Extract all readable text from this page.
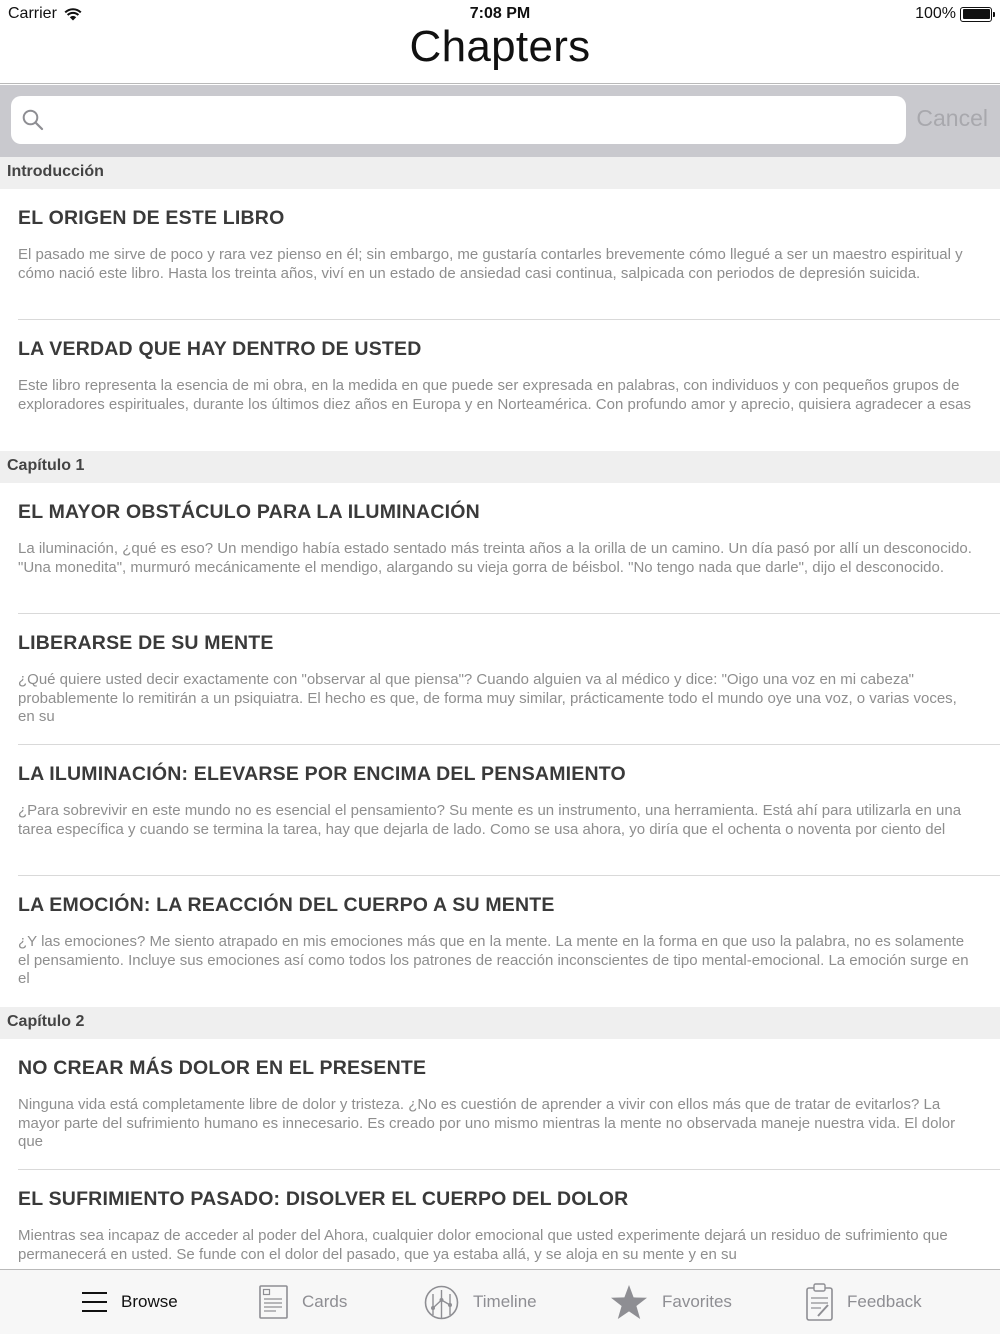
Carrier	7:08 PM	100%
Chapters
Cancel
Introducción
EL ORIGEN DE ESTE LIBRO
El pasado me sirve de poco y rara vez pienso en él; sin embargo, me gustaría contarles brevemente cómo llegué a ser un maestro espiritual y cómo nació este libro. Hasta los treinta años, viví en un estado de ansiedad casi continua, salpicada con periodos de depresión suicida.
LA VERDAD QUE HAY DENTRO DE USTED
Este libro representa la esencia de mi obra, en la medida en que puede ser expresada en palabras, con individuos y con pequeños grupos de exploradores espirituales, durante los últimos diez años en Europa y en Norteamérica. Con profundo amor y aprecio, quisiera agradecer a esas
Capítulo 1
EL MAYOR OBSTÁCULO PARA LA ILUMINACIÓN
La iluminación, ¿qué es eso? Un mendigo había estado sentado más treinta años a la orilla de un camino. Un día pasó por allí un desconocido. "Una monedita", murmuró mecánicamente el mendigo, alargando su vieja gorra de béisbol. "No tengo nada que darle", dijo el desconocido.
LIBERARSE DE SU MENTE
¿Qué quiere usted decir exactamente con "observar al que piensa"? Cuando alguien va al médico y dice: "Oigo una voz en mi cabeza" probablemente lo remitirán a un psiquiatra. El hecho es que, de forma muy similar, prácticamente todo el mundo oye una voz, o varias voces, en su
LA ILUMINACIÓN: ELEVARSE POR ENCIMA DEL PENSAMIENTO
¿Para sobrevivir en este mundo no es esencial el pensamiento? Su mente es un instrumento, una herramienta. Está ahí para utilizarla en una tarea específica y cuando se termina la tarea, hay que dejarla de lado. Como se usa ahora, yo diría que el ochenta o noventa por ciento del
LA EMOCIÓN: LA REACCIÓN DEL CUERPO A SU MENTE
¿Y las emociones? Me siento atrapado en mis emociones más que en la mente. La mente en la forma en que uso la palabra, no es solamente el pensamiento. Incluye sus emociones así como todos los patrones de reacción inconscientes de tipo mental-emocional. La emoción surge en el
Capítulo 2
NO CREAR MÁS DOLOR EN EL PRESENTE
Ninguna vida está completamente libre de dolor y tristeza. ¿No es cuestión de aprender a vivir con ellos más que de tratar de evitarlos? La mayor parte del sufrimiento humano es innecesario. Es creado por uno mismo mientras la mente no observada maneje nuestra vida. El dolor que
EL SUFRIMIENTO PASADO: DISOLVER EL CUERPO DEL DOLOR
Mientras sea incapaz de acceder al poder del Ahora, cualquier dolor emocional que usted experimente dejará un residuo de sufrimiento que permanecerá en usted. Se funde con el dolor del pasado, que ya estaba allá, y se aloja en su mente y en su
Browse	Cards	Timeline	Favorites	Feedback
